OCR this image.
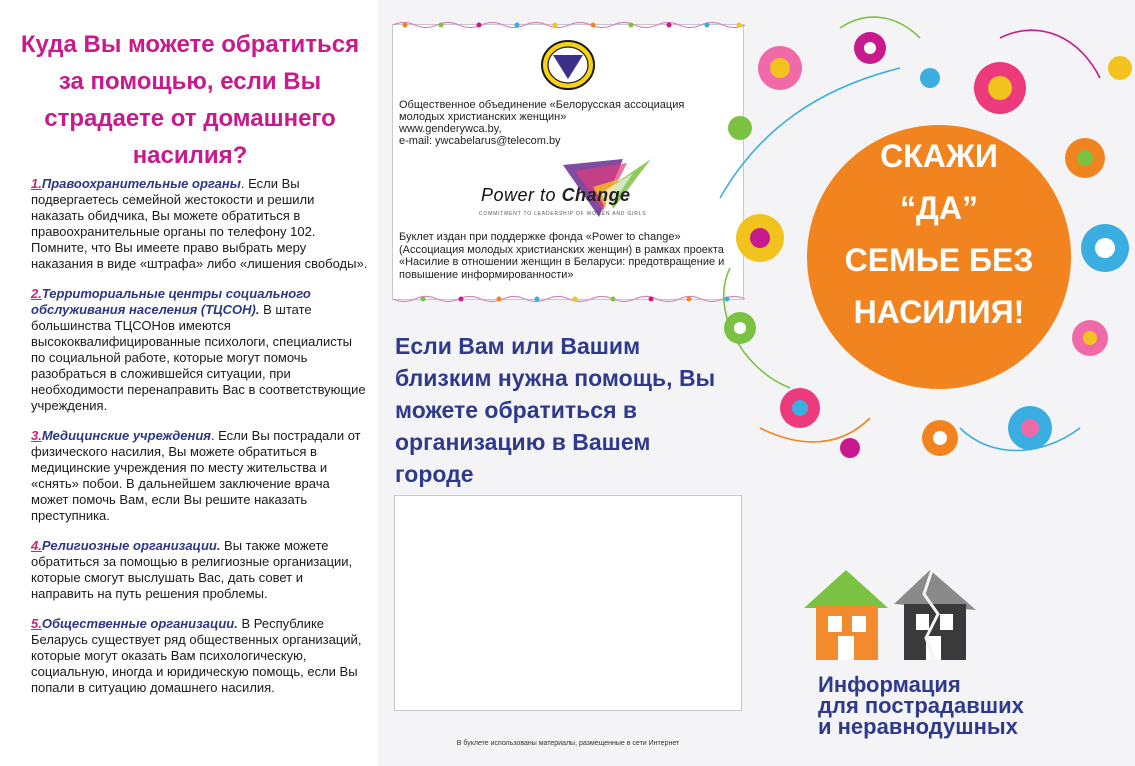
Куда Вы можете обратиться за помощью, если Вы страдаете от домашнего насилия?
1.Правоохранительные органы. Если Вы подвергаетесь семейной жестокости и решили наказать обидчика, Вы можете обратиться в правоохранительные органы по телефону 102. Помните, что Вы имеете право выбрать меру наказания в виде «штрафа» либо «лишения свободы».
2.Территориальные центры социального обслуживания населения (ТЦСОН). В штате большинства ТЦСОНов имеются высококвалифицированные психологи, специалисты по социальной работе, которые могут помочь разобраться в сложившейся ситуации, при необходимости перенаправить Вас в соответствующие учреждения.
3.Медицинские учреждения. Если Вы пострадали от физического насилия, Вы можете обратиться в медицинские учреждения по месту жительства и «снять» побои. В дальнейшем заключение врача может помочь Вам, если Вы решите наказать преступника.
4.Религиозные организации. Вы также можете обратиться за помощью в религиозные организации, которые смогут выслушать Вас, дать совет и направить на путь решения проблемы.
5.Общественные организации. В Республике Беларусь существует ряд общественных организаций, которые могут оказать Вам психологическую, социальную, иногда и юридическую помощь, если Вы попали в ситуацию домашнего насилия.
Общественное объединение «Белорусская ассоциация молодых христианских женщин»
www.genderywca.by,
e-mail: ywcabelarus@telecom.by
Power to Change
COMMITMENT TO LEADERSHIP OF WOMEN AND GIRLS
Буклет издан при поддержке фонда «Power to change» (Ассоциация молодых христианских женщин) в рамках проекта «Насилие в отношении женщин в Беларуси: предотвращение и повышение информированности»
Если Вам или Вашим близким нужна помощь, Вы можете обратиться в организацию в Вашем городе
В буклете использованы материалы, размещенные в сети Интернет
СКАЖИ
“ДА”
СЕМЬЕ БЕЗ
НАСИЛИЯ!
Информация
для пострадавших
и неравнодушных
